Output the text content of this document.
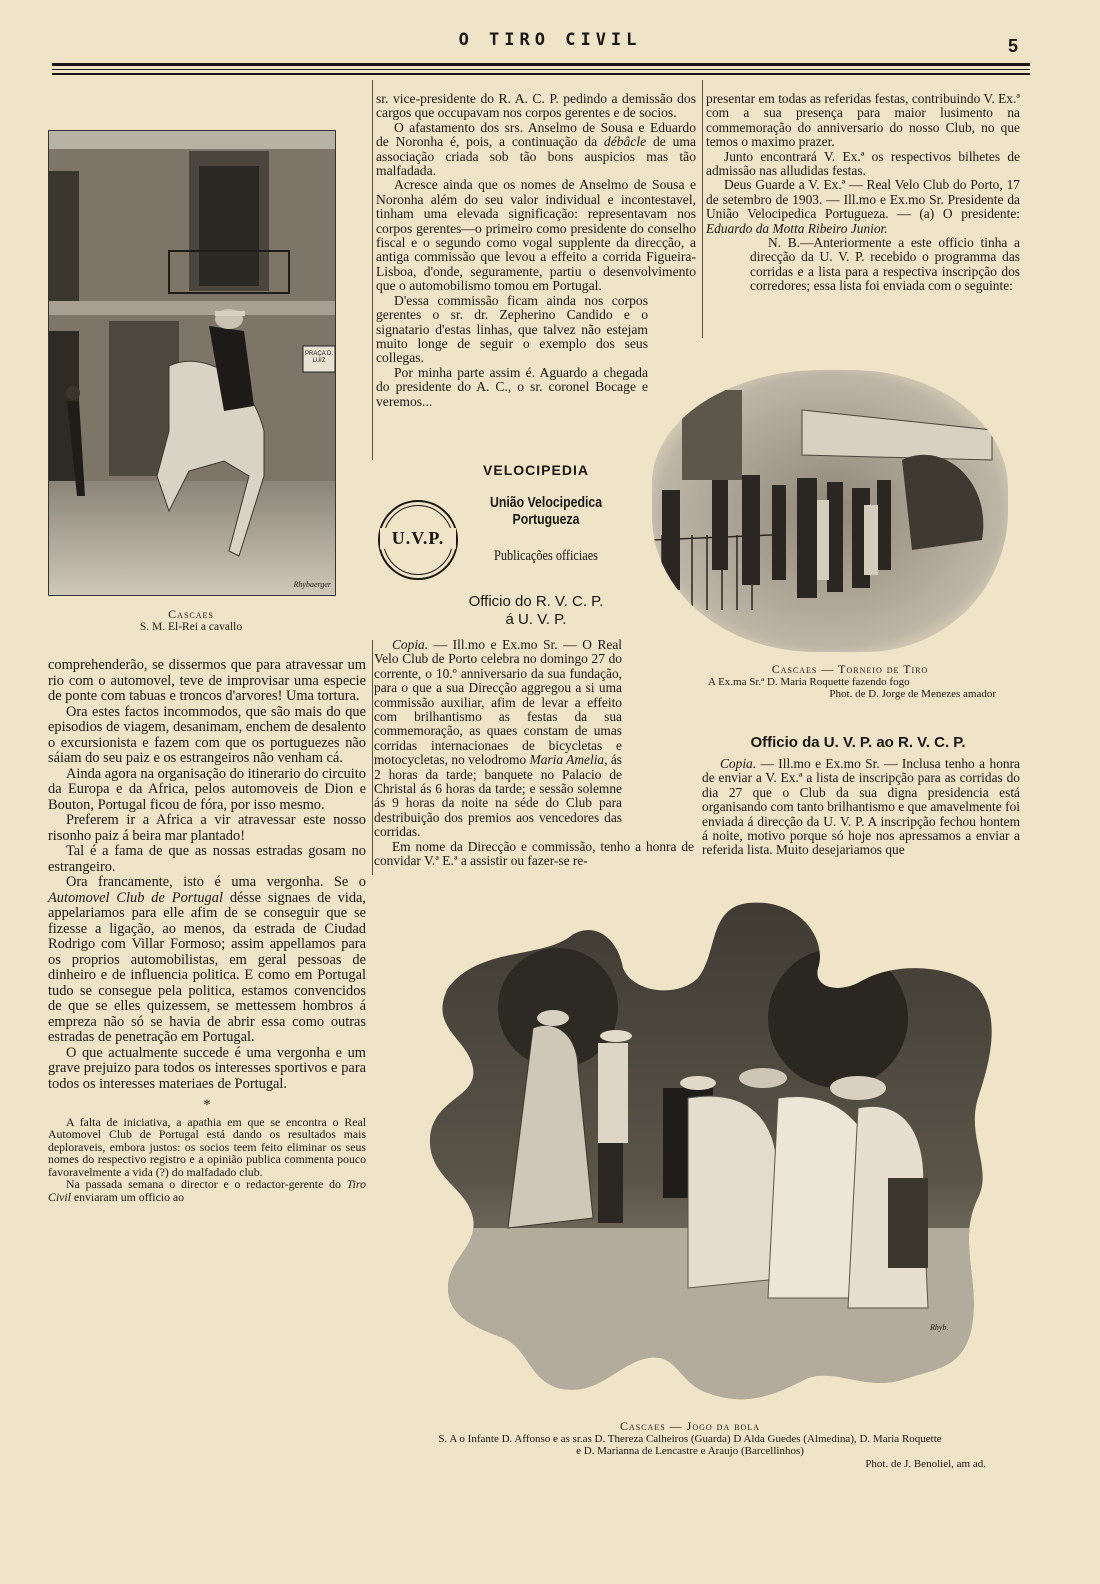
O TIRO CIVIL	5
Rhybaerger
PRAÇA D. LUIZ
Cascaes
S. M. El-Rei a cavallo

comprehenderão, se dissermos que para atravessar um rio com o automovel, teve de improvisar uma especie de ponte com tabuas e troncos d'arvores! Uma tortura.

Ora estes factos incommodos, que são mais do que episodios de viagem, desanimam, enchem de desalento o excursionista e fazem com que os portuguezes não sáiam do seu paiz e os estrangeiros não venham cá.

Ainda agora na organisação do itinerario do circuito da Europa e da Africa, pelos automoveis de Dion e Bouton, Portugal ficou de fóra, por isso mesmo.

Preferem ir a Africa a vir atravessar este nosso risonho paiz á beira mar plantado!

Tal é a fama de que as nossas estradas gosam no estrangeiro.

Ora francamente, isto é uma vergonha. Se o Automovel Club de Portugal désse signaes de vida, appelariamos para elle afim de se conseguir que se fizesse a ligação, ao menos, da estrada de Ciudad Rodrigo com Villar Formoso; assim appellamos para os proprios automobilistas, em geral pessoas de dinheiro e de influencia politica. E como em Portugal tudo se consegue pela politica, estamos convencidos de que se elles quizessem, se mettessem hombros á empreza não só se havia de abrir essa como outras estradas de penetração em Portugal.

O que actualmente succede é uma vergonha e um grave prejuizo para todos os interesses sportivos e para todos os interesses materiaes de Portugal.

*

A falta de iniciativa, a apathia em que se encontra o Real Automovel Club de Portugal está dando os resultados mais deploraveis, embora justos: os socios teem feito eliminar os seus nomes do respectivo registro e a opinião publica commenta pouco favoravelmente a vida (?) do malfadado club.

Na passada semana o director e o redactor-gerente do Tiro Civil enviaram um officio ao

sr. vice-presidente do R. A. C. P. pedindo a demissão dos cargos que occupavam nos corpos gerentes e de socios.

O afastamento dos srs. Anselmo de Sousa e Eduardo de Noronha é, pois, a continuação da débâcle de uma associação criada sob tão bons auspicios mas tão malfadada.

Acresce ainda que os nomes de Anselmo de Sousa e Noronha além do seu valor individual e incontestavel, tinham uma elevada significação: representavam nos corpos gerentes—o primeiro como presidente do conselho fiscal e o segundo como vogal supplente da direcção, a antiga commissão que levou a effeito a corrida Figueira-Lisboa, d'onde, seguramente, partiu o desenvolvimento que o automobilismo tomou em Portugal.

D'essa commissão ficam ainda nos corpos gerentes o sr. dr. Zepherino Candido e o signatario d'estas linhas, que talvez não estejam muito longe de seguir o exemplo dos seus collegas.

Por minha parte assim é. Aguardo a chegada do presidente do A. C., o sr. coronel Bocage e veremos...

VELOCIPEDIA
U.V.P.
União Velocipedica
Portugueza
Publicações officiaes
Officio do R. V. C. P.
á U. V. P.

Copia. — Ill.mo e Ex.mo Sr. — O Real Velo Club de Porto celebra no domingo 27 do corrente, o 10.º anniversario da sua fundação, para o que a sua Direcção aggregou a si uma commissão auxiliar, afim de levar a effeito com brilhantismo as festas da sua commemoração, as quaes constam de umas corridas internacionaes de bicycletas e motocycletas, no velodromo Maria Amelia, ás 2 horas da tarde; banquete no Palacio de Christal ás 6 horas da tarde; e sessão solemne ás 9 horas da noite na séde do Club para destribuição dos premios aos vencedores das corridas.

Em nome da Direcção e commissão, tenho a honra de convidar V.ª E.ª a assistir ou fazer-se re-

presentar em todas as referidas festas, contribuindo V. Ex.ª com a sua presença para maior lusimento na commemoração do anniversario do nosso Club, no que temos o maximo prazer.

Junto encontrará V. Ex.ª os respectivos bilhetes de admissão nas alludidas festas.

Deus Guarde a V. Ex.ª — Real Velo Club do Porto, 17 de setembro de 1903. — Ill.mo e Ex.mo Sr. Presidente da União Velocipedica Portugueza. — (a) O presidente: Eduardo da Motta Ribeiro Junior.

N. B.—Anteriormente a este officio tinha a direcção da U. V. P. recebido o programma das corridas e a lista para a respectiva inscripção dos corredores; essa lista foi enviada com o seguinte:

Cascaes — Torneio de Tiro
A Ex.ma Sr.ª D. Maria Roquette fazendo fogo
Phot. de D. Jorge de Menezes amador
Officio da U. V. P. ao R. V. C. P.

Copia. — Ill.mo e Ex.mo Sr. — Inclusa tenho a honra de enviar a V. Ex.ª a lista de inscripção para as corridas do dia 27 que o Club da sua digna presidencia está organisando com tanto brilhantismo e que amavelmente foi enviada á direcção da U. V. P. A inscripção fechou hontem á noite, motivo porque só hoje nos apressamos a enviar a referida lista. Muito desejariamos que

Rhyb.
Cascaes — Jogo da bola
S. A o Infante D. Affonso e as sr.as D. Thereza Calheiros (Guarda) D Alda Guedes (Almedina), D. Maria Roquette
e D. Marianna de Lencastre e Araujo (Barcellinhos)
Phot. de J. Benoliel, am ad.
